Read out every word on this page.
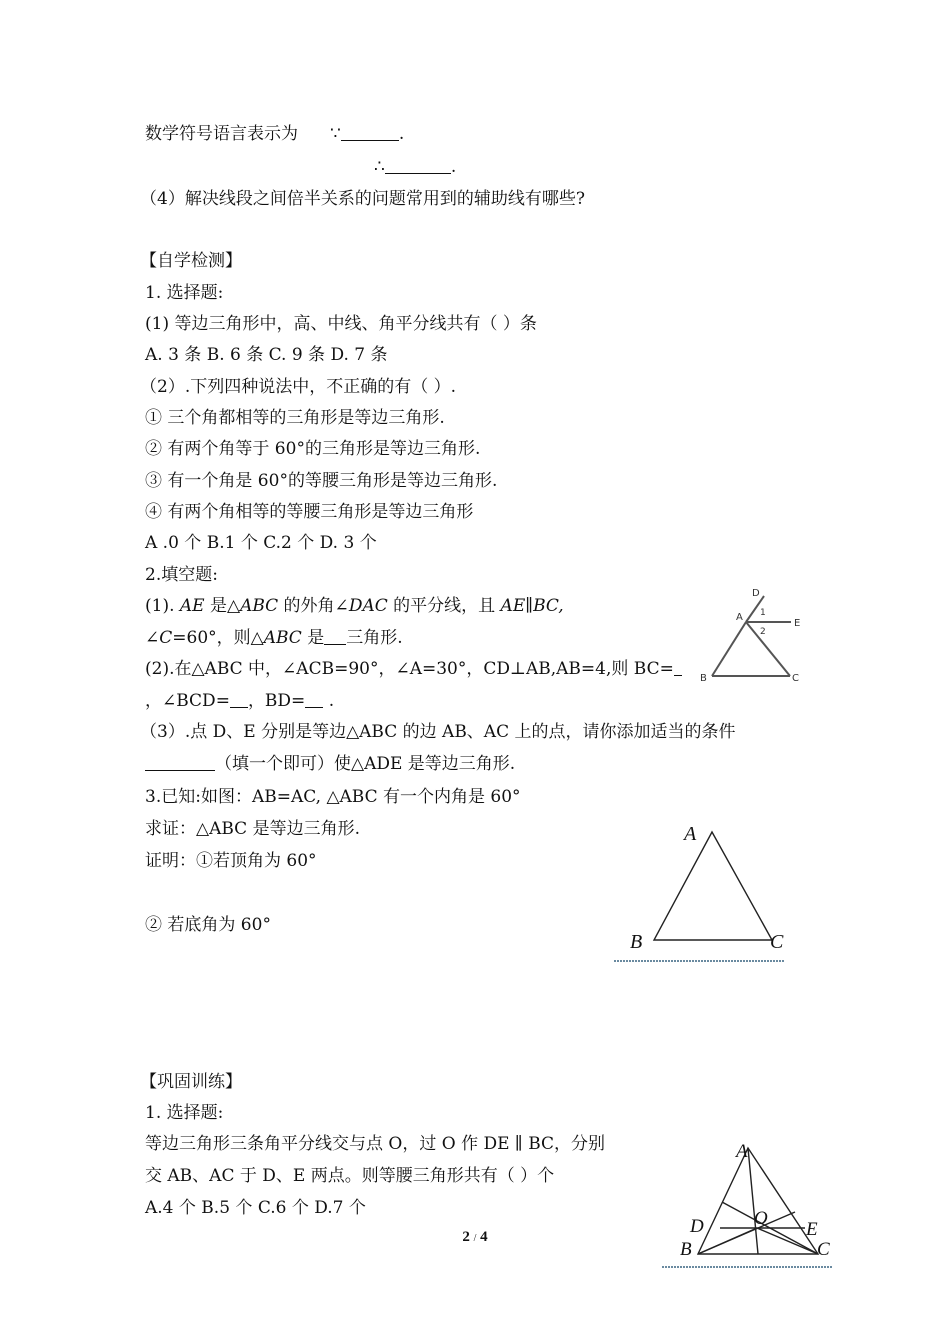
数学符号语言表示为 ∵	.
∴	.
（4）解决线段之间倍半关系的问题常用到的辅助线有哪些?
【自学检测】
1. 选择题:
(1) 等边三角形中，高、中线、角平分线共有（ ）条
A. 3 条 B. 6 条 C. 9 条 D. 7 条
（2）.下列四种说法中，不正确的有（ ）.
① 三个角都相等的三角形是等边三角形.
② 有两个角等于 60°的三角形是等边三角形.
③ 有一个角是 60°的等腰三角形是等边三角形.
④ 有两个角相等的等腰三角形是等边三角形
A .0 个 B.1 个 C.2 个 D. 3 个
2.填空题:
(1). AE 是△ABC 的外角∠DAC 的平分线，且 AE∥BC,
∠C=60°，则△ABC 是 三角形.
(2).在△ABC 中，∠ACB=90°，∠A=30°，CD⊥AB,AB=4,则 BC=
，∠BCD= ，BD= .
（3）.点 D、E 分别是等边△ABC 的边 AB、AC 上的点，请你添加适当的条件
（填一个即可）使△ADE 是等边三角形.
3.已知:如图：AB=AC, △ABC 有一个内角是 60°
求证：△ABC 是等边三角形.
证明：①若顶角为 60°
② 若底角为 60°
【巩固训练】
1. 选择题:
等边三角形三条角平分线交与点 O，过 O 作 DE ∥ BC，分别
交 AB、AC 于 D、E 两点。则等腰三角形共有（ ）个
A.4 个 B.5 个 C.6 个 D.7 个
D
A
E
1
2
B	C
A
B	C
A
D	O
E
B	C
2 / 4
